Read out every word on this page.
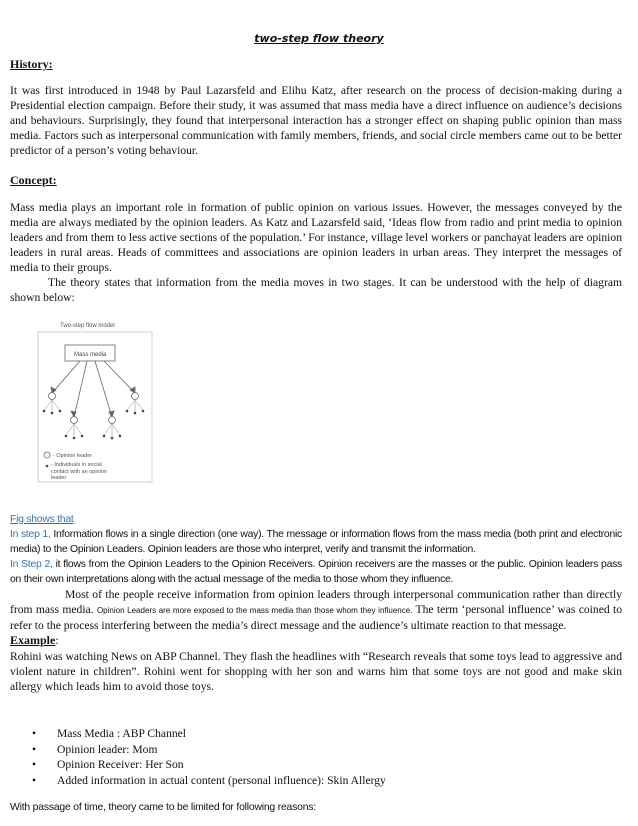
two-step flow theory
History:

It was first introduced in 1948 by Paul Lazarsfeld and Elihu Katz, after research on the process of decision-making during a Presidential election campaign. Before their study, it was assumed that mass media have a direct influence on audience’s decisions and behaviours. Surprisingly, they found that interpersonal interaction has a stronger effect on shaping public opinion than mass media. Factors such as interpersonal communication with family members, friends, and social circle members came out to be better predictor of a person’s voting behaviour.

Concept:

Mass media plays an important role in formation of public opinion on various issues. However, the messages conveyed by the media are always mediated by the opinion leaders. As Katz and Lazarsfeld said, ‘Ideas flow from radio and print media to opinion leaders and from them to less active sections of the population.’ For instance, village level workers or panchayat leaders are opinion leaders in rural areas. Heads of committees and associations are opinion leaders in urban areas. They interpret the messages of media to their groups.

The theory states that information from the media moves in two stages. It can be understood with the help of diagram shown below:

Two-step flow model
Mass media
- Opinion leader
- Individuals in social contact with an opinion leader
Fig shows that

In step 1, Information flows in a single direction (one way). The message or information flows from the mass media (both print and electronic media) to the Opinion Leaders. Opinion leaders are those who interpret, verify and transmit the information.

In Step 2, it flows from the Opinion Leaders to the Opinion Receivers. Opinion receivers are the masses or the public. Opinion leaders pass on their own interpretations along with the actual message of the media to those whom they influence.

Most of the people receive information from opinion leaders through interpersonal communication rather than directly from mass media. Opinion Leaders are more exposed to the mass media than those whom they influence. The term ‘personal influence’ was coined to refer to the process interfering between the media’s direct message and the audience’s ultimate reaction to that message.

Example:

Rohini was watching News on ABP Channel. They flash the headlines with “Research reveals that some toys lead to aggressive and violent nature in children”. Rohini went for shopping with her son and warns him that some toys are not good and make skin allergy which leads him to avoid those toys.

• Mass Media : ABP Channel
• Opinion leader: Mom
• Opinion Receiver: Her Son
• Added information in actual content (personal influence): Skin Allergy
With passage of time, theory came to be limited for following reasons:
